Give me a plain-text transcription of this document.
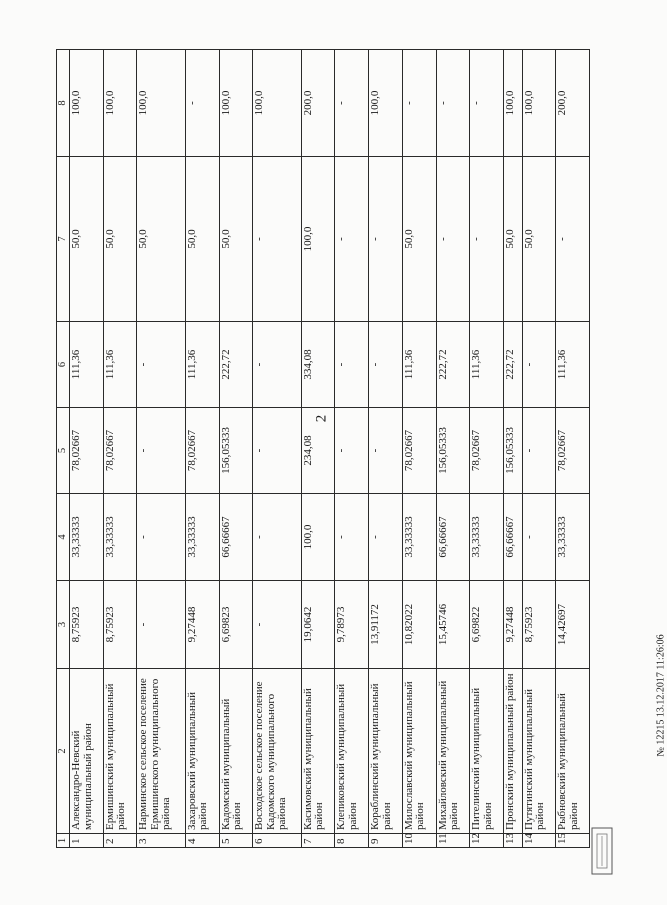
2
1	2	3	4	5	6	7	8
1	Александро-Невский муниципальный район	8,75923	33,33333	78,02667	111,36	50,0	100,0
2	Ермишинский муниципальный район	8,75923	33,33333	78,02667	111,36	50,0	100,0
3	Нарминское сельское поселение Ермишинского муниципального района	-	-	-	-	50,0	100,0
4	Захаровский муниципальный район	9,27448	33,33333	78,02667	111,36	50,0	-
5	Кадомский муниципальный район	6,69823	66,66667	156,05333	222,72	50,0	100,0
6	Восходское сельское поселение Кадомского муниципального района	-	-	-	-	-	100,0
7	Касимовский муниципальный район	19,0642	100,0	234,08	334,08	100,0	200,0
8	Клепиковский муниципальный район	9,78973	-	-	-	-	-
9	Кораблинский муниципальный район	13,91172	-	-	-	-	100,0
10	Милославский муниципальный район	10,82022	33,33333	78,02667	111,36	50,0	-
11	Михайловский муниципальный район	15,45746	66,66667	156,05333	222,72	-	-
12	Пителинский муниципальный район	6,69822	33,33333	78,02667	111,36	-	-
13	Пронский муниципальный район	9,27448	66,66667	156,05333	222,72	50,0	100,0
14	Путятинский муниципальный район	8,75923	-	-	-	50,0	100,0
15	Рыбновский муниципальный район	14,42697	33,33333	78,02667	111,36	-	200,0
№ 12215 13.12.2017 11:26:06
